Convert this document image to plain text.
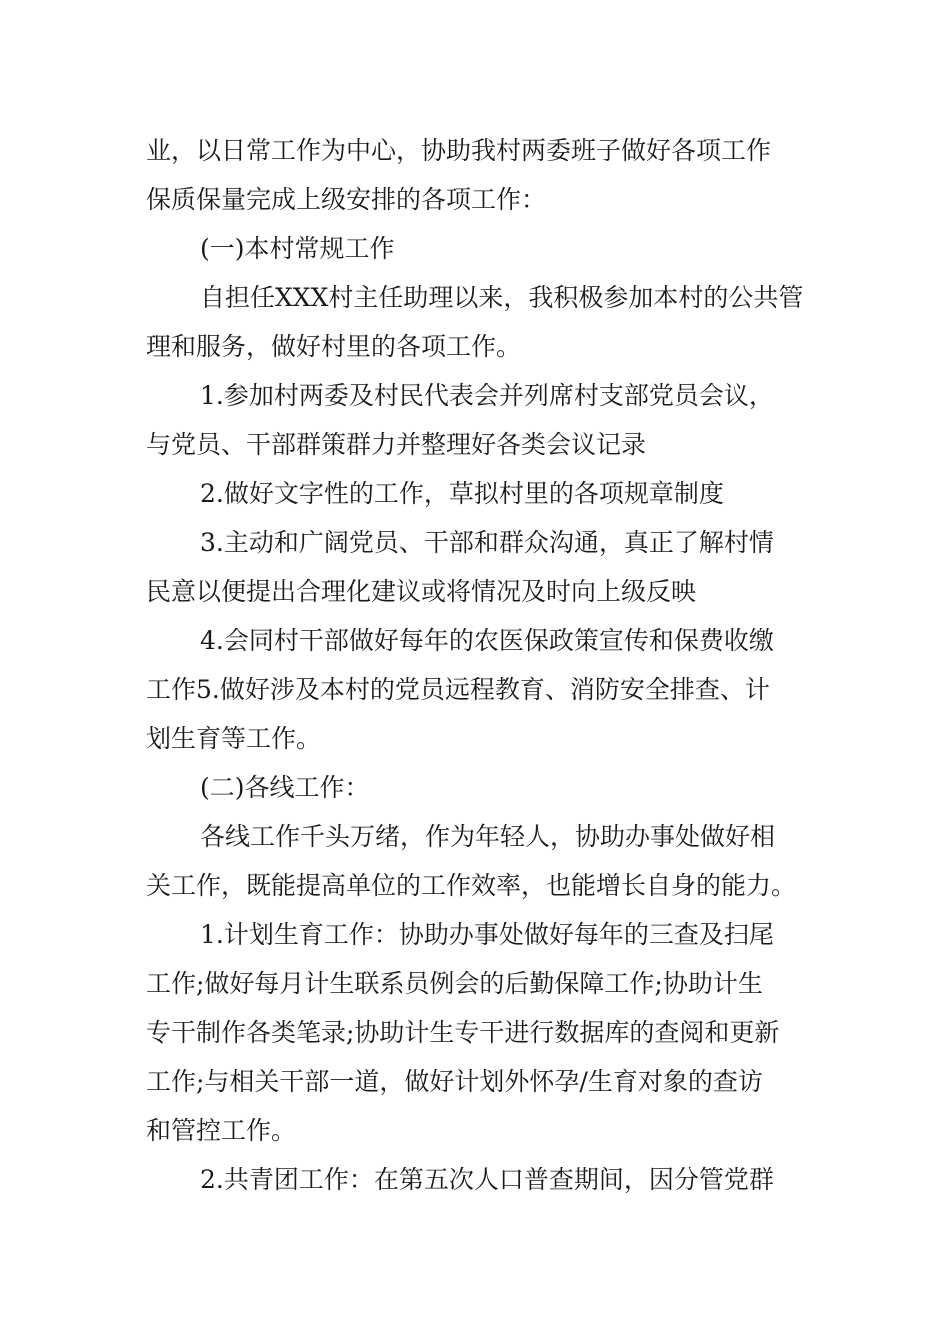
业，以日常工作为中心，协助我村两委班子做好各项工作
保质保量完成上级安排的各项工作：
(一)本村常规工作
自担任XXX村主任助理以来，我积极参加本村的公共管
理和服务，做好村里的各项工作。
1.参加村两委及村民代表会并列席村支部党员会议，
与党员、干部群策群力并整理好各类会议记录
2.做好文字性的工作，草拟村里的各项规章制度
3.主动和广阔党员、干部和群众沟通，真正了解村情
民意以便提出合理化建议或将情况及时向上级反映
4.会同村干部做好每年的农医保政策宣传和保费收缴
工作5.做好涉及本村的党员远程教育、消防安全排查、计
划生育等工作。
(二)各线工作：
各线工作千头万绪，作为年轻人，协助办事处做好相
关工作，既能提高单位的工作效率，也能增长自身的能力。
1.计划生育工作：协助办事处做好每年的三查及扫尾
工作;做好每月计生联系员例会的后勤保障工作;协助计生
专干制作各类笔录;协助计生专干进行数据库的查阅和更新
工作;与相关干部一道，做好计划外怀孕/生育对象的查访
和管控工作。
2.共青团工作：在第五次人口普查期间，因分管党群
